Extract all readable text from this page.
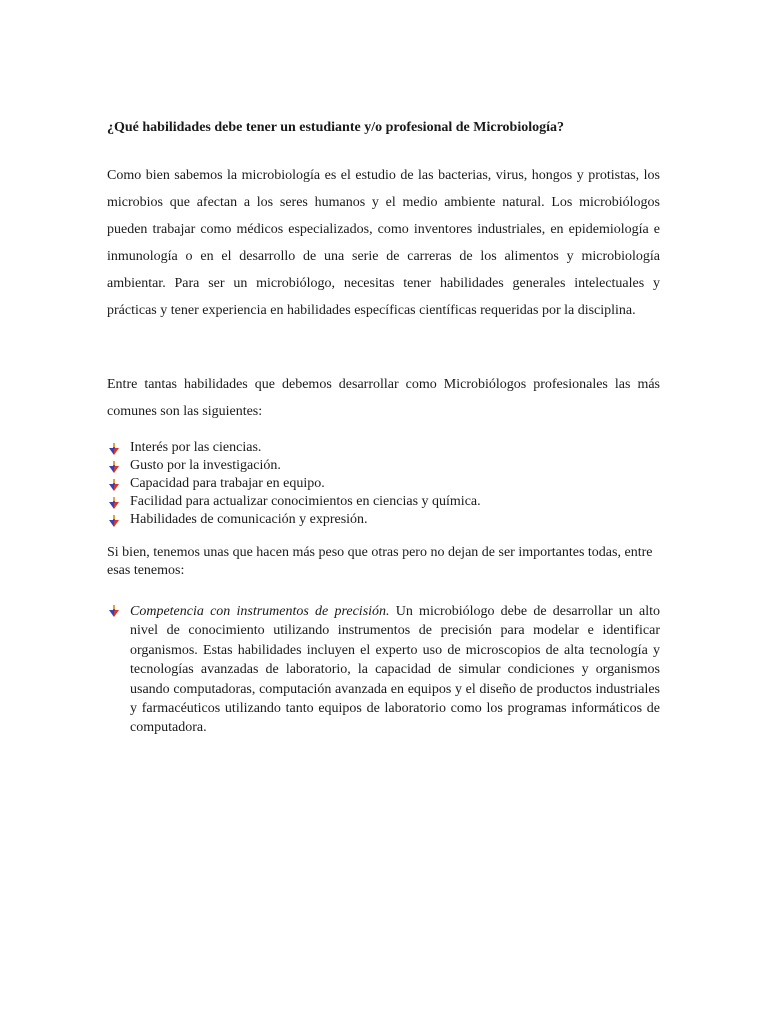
¿Qué habilidades debe tener un estudiante y/o profesional de Microbiología?

Como bien sabemos la microbiología es el estudio de las bacterias, virus, hongos y protistas, los microbios que afectan a los seres humanos y el medio ambiente natural. Los microbiólogos pueden trabajar como médicos especializados, como inventores industriales, en epidemiología e inmunología o en el desarrollo de una serie de carreras de los alimentos y microbiología ambientar. Para ser un microbiólogo, necesitas tener habilidades generales intelectuales y prácticas y tener experiencia en habilidades específicas científicas requeridas por la disciplina.

Entre tantas habilidades que debemos desarrollar como Microbiólogos profesionales las más comunes son las siguientes:

Interés por las ciencias.
Gusto por la investigación.
Capacidad para trabajar en equipo.
Facilidad para actualizar conocimientos en ciencias y química.
Habilidades de comunicación y expresión.

Si bien, tenemos unas que hacen más peso que otras pero no dejan de ser importantes todas, entre esas tenemos:

Competencia con instrumentos de precisión. Un microbiólogo debe de desarrollar un alto nivel de conocimiento utilizando instrumentos de precisión para modelar e identificar organismos. Estas habilidades incluyen el experto uso de microscopios de alta tecnología y tecnologías avanzadas de laboratorio, la capacidad de simular condiciones y organismos usando computadoras, computación avanzada en equipos y el diseño de productos industriales y farmacéuticos utilizando tanto equipos de laboratorio como los programas informáticos de computadora.
